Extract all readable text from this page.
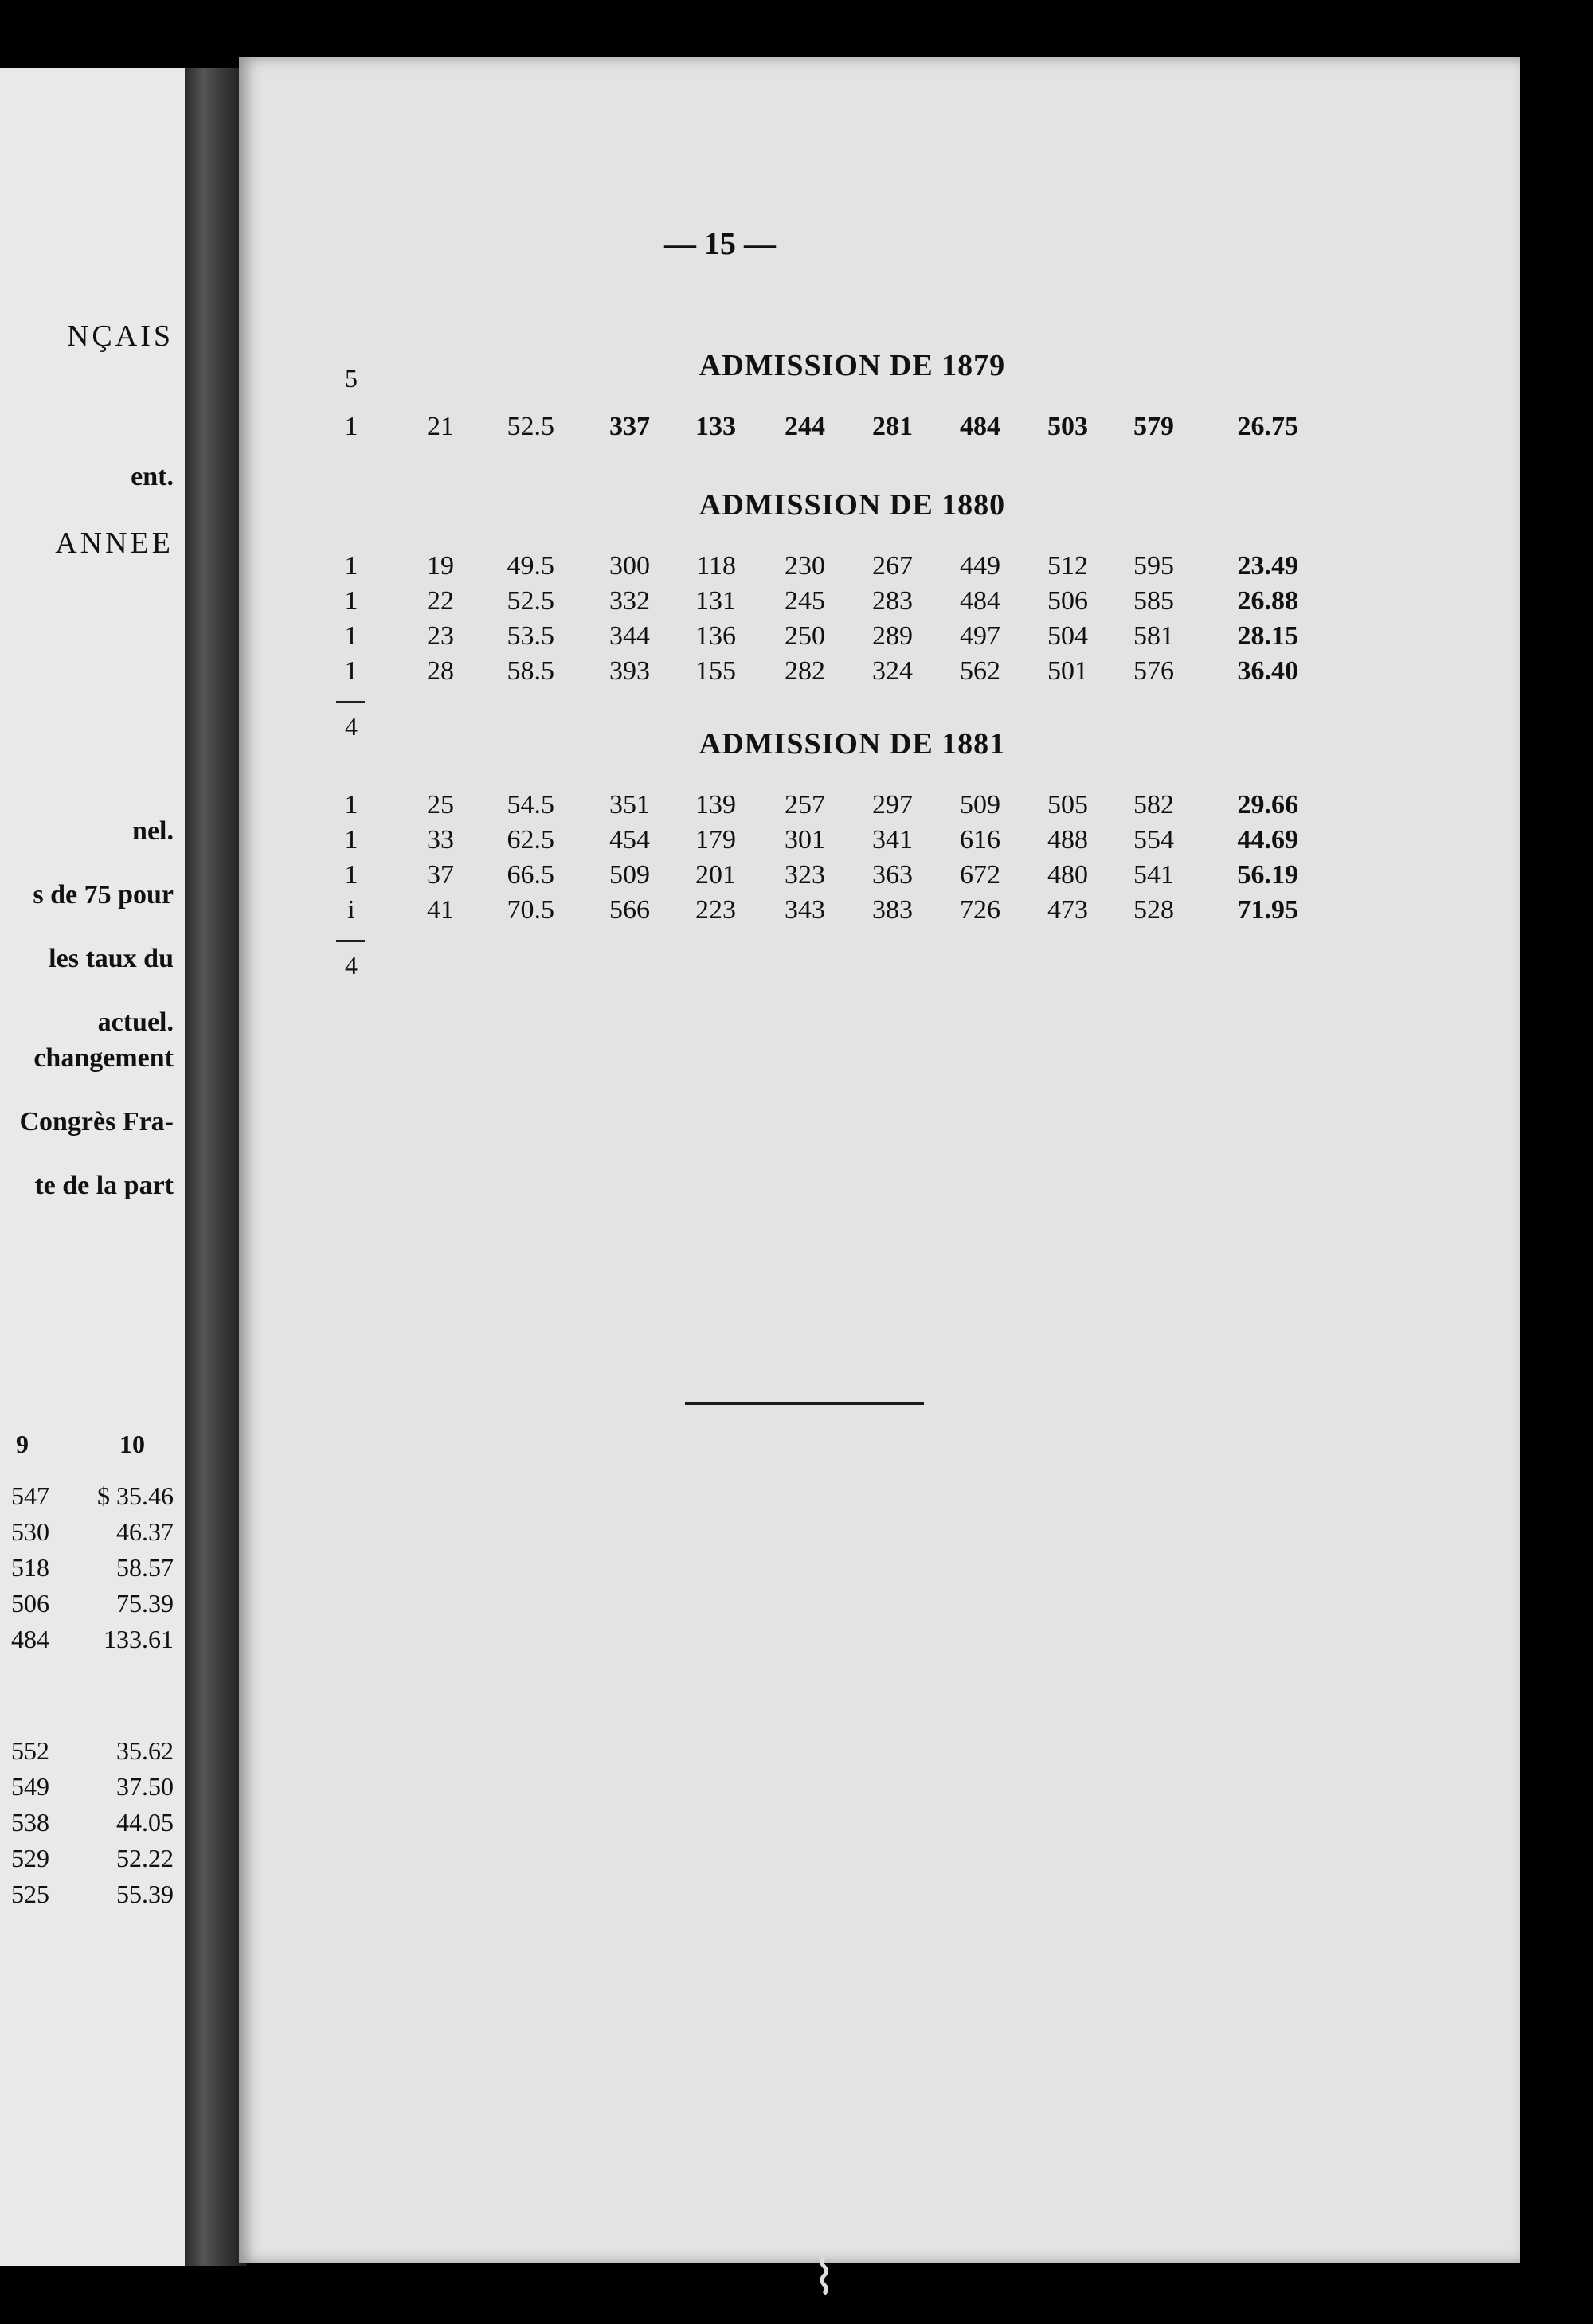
NÇAIS
ent.
ANNEE
nel.
s de 75 pour
les taux du
actuel.
changement
Congrès Fra-
te de la part
9	10
547	$ 35.46
530	46.37
518	58.57
506	75.39
484	133.61
552	35.62
549	37.50
538	44.05
529	52.22
525	55.39
— 15 —
5	ADMISSION DE 1879
1	21	52.5	337	133	244	281	484	503	579	26.75
ADMISSION DE 1880
1	19	49.5	300	118	230	267	449	512	595	23.49
1	22	52.5	332	131	245	283	484	506	585	26.88
1	23	53.5	344	136	250	289	497	504	581	28.15
1	28	58.5	393	155	282	324	562	501	576	36.40
4
ADMISSION DE 1881
1	25	54.5	351	139	257	297	509	505	582	29.66
1	33	62.5	454	179	301	341	616	488	554	44.69
1	37	66.5	509	201	323	363	672	480	541	56.19
i	41	70.5	566	223	343	383	726	473	528	71.95
4
⌇
